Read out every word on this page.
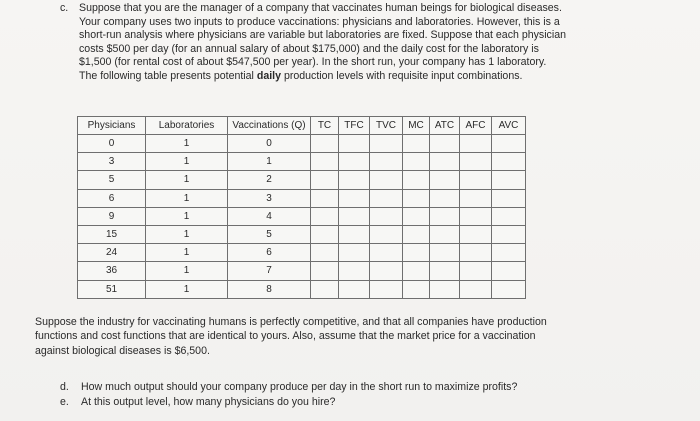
c.	Suppose that you are the manager of a company that vaccinates human beings for biological diseases.
Your company uses two inputs to produce vaccinations: physicians and laboratories. However, this is a
short-run analysis where physicians are variable but laboratories are fixed. Suppose that each physician
costs $500 per day (for an annual salary of about $175,000) and the daily cost for the laboratory is
$1,500 (for rental cost of about $547,500 per year). In the short run, your company has 1 laboratory.
The following table presents potential daily production levels with requisite input combinations.
Physicians	Laboratories	Vaccinations (Q)	TC	TFC	TVC	MC	ATC	AFC	AVC
0	1	0							
3	1	1							
5	1	2							
6	1	3							
9	1	4							
15	1	5							
24	1	6							
36	1	7							
51	1	8							
Suppose the industry for vaccinating humans is perfectly competitive, and that all companies have production
functions and cost functions that are identical to yours. Also, assume that the market price for a vaccination
against biological diseases is $6,500.
d. How much output should your company produce per day in the short run to maximize profits?
e. At this output level, how many physicians do you hire?
